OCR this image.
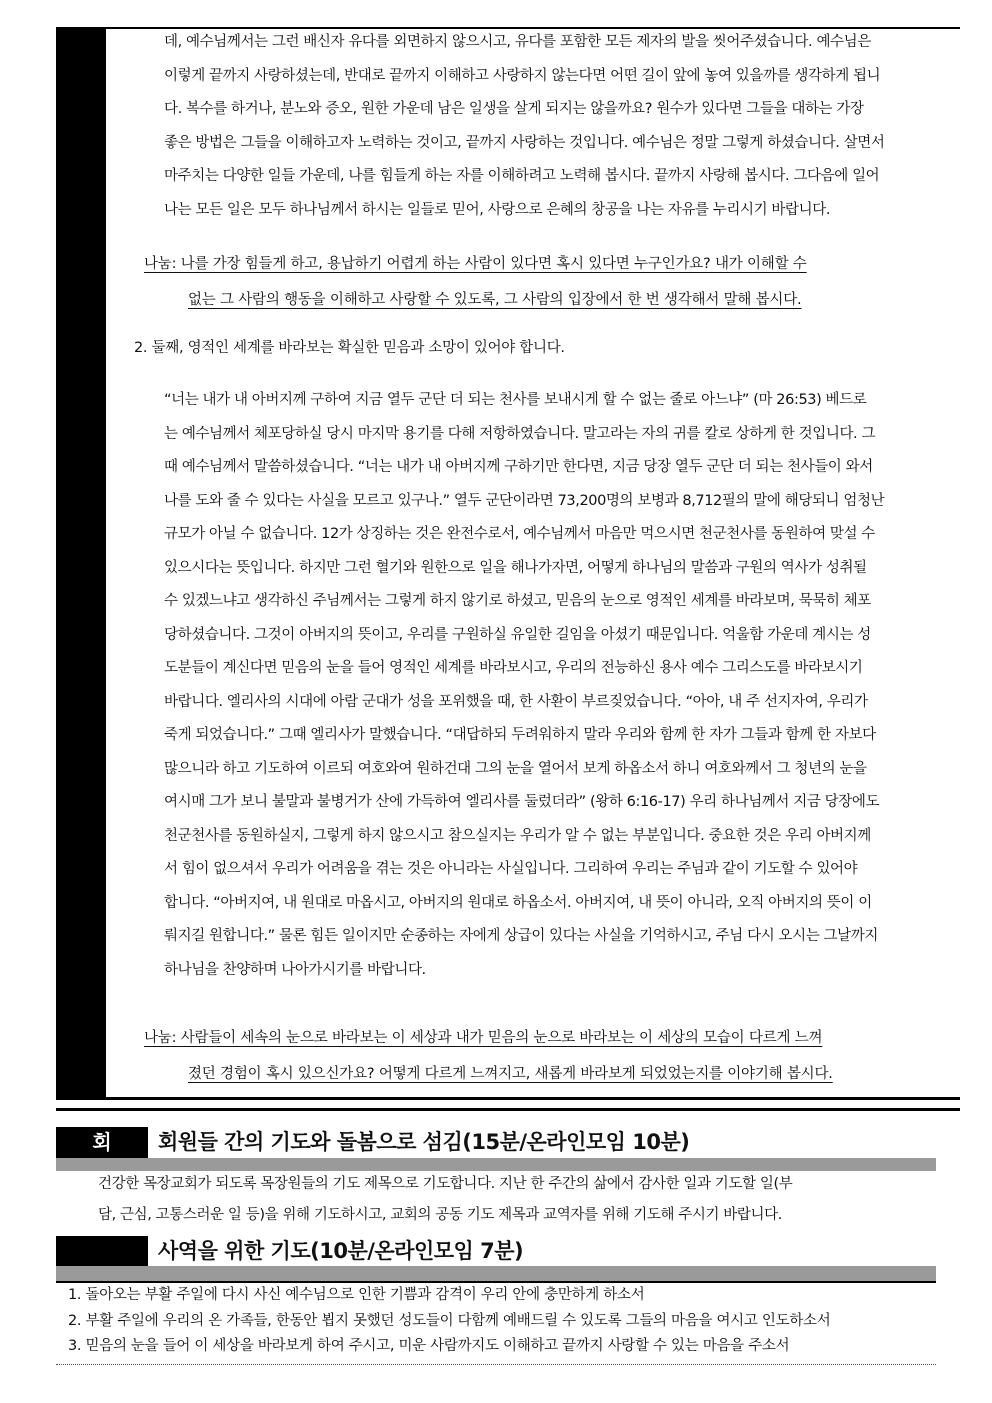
데, 예수님께서는 그런 배신자 유다를 외면하지 않으시고, 유다를 포함한 모든 제자의 발을 씻어주셨습니다. 예수님은
이렇게 끝까지 사랑하셨는데, 반대로 끝까지 이해하고 사랑하지 않는다면 어떤 길이 앞에 놓여 있을까를 생각하게 됩니
다. 복수를 하거나, 분노와 증오, 원한 가운데 남은 일생을 살게 되지는 않을까요? 원수가 있다면 그들을 대하는 가장
좋은 방법은 그들을 이해하고자 노력하는 것이고, 끝까지 사랑하는 것입니다. 예수님은 정말 그렇게 하셨습니다. 살면서
마주치는 다양한 일들 가운데, 나를 힘들게 하는 자를 이해하려고 노력해 봅시다. 끝까지 사랑해 봅시다. 그다음에 일어
나는 모든 일은 모두 하나님께서 하시는 일들로 믿어, 사랑으로 은혜의 창공을 나는 자유를 누리시기 바랍니다.
나눔: 나를 가장 힘들게 하고, 용납하기 어렵게 하는 사람이 있다면 혹시 있다면 누구인가요? 내가 이해할 수
없는 그 사람의 행동을 이해하고 사랑할 수 있도록, 그 사람의 입장에서 한 번 생각해서 말해 봅시다.
2. 둘째, 영적인 세계를 바라보는 확실한 믿음과 소망이 있어야 합니다.
“너는 내가 내 아버지께 구하여 지금 열두 군단 더 되는 천사를 보내시게 할 수 없는 줄로 아느냐” (마 26:53) 베드로
는 예수님께서 체포당하실 당시 마지막 용기를 다해 저항하였습니다. 말고라는 자의 귀를 칼로 상하게 한 것입니다. 그
때 예수님께서 말씀하셨습니다. “너는 내가 내 아버지께 구하기만 한다면, 지금 당장 열두 군단 더 되는 천사들이 와서
나를 도와 줄 수 있다는 사실을 모르고 있구나.” 열두 군단이라면 73,200명의 보병과 8,712필의 말에 해당되니 엄청난
규모가 아닐 수 없습니다. 12가 상징하는 것은 완전수로서, 예수님께서 마음만 먹으시면 천군천사를 동원하여 맞설 수
있으시다는 뜻입니다. 하지만 그런 혈기와 원한으로 일을 해나가자면, 어떻게 하나님의 말씀과 구원의 역사가 성취될
수 있겠느냐고 생각하신 주님께서는 그렇게 하지 않기로 하셨고, 믿음의 눈으로 영적인 세계를 바라보며, 묵묵히 체포
당하셨습니다. 그것이 아버지의 뜻이고, 우리를 구원하실 유일한 길임을 아셨기 때문입니다. 억울함 가운데 계시는 성
도분들이 계신다면 믿음의 눈을 들어 영적인 세계를 바라보시고, 우리의 전능하신 용사 예수 그리스도를 바라보시기
바랍니다. 엘리사의 시대에 아람 군대가 성을 포위했을 때, 한 사환이 부르짖었습니다. “아아, 내 주 선지자여, 우리가
죽게 되었습니다.” 그때 엘리사가 말했습니다. “대답하되 두려워하지 말라 우리와 함께 한 자가 그들과 함께 한 자보다
많으니라 하고 기도하여 이르되 여호와여 원하건대 그의 눈을 열어서 보게 하옵소서 하니 여호와께서 그 청년의 눈을
여시매 그가 보니 불말과 불병거가 산에 가득하여 엘리사를 둘렀더라” (왕하 6:16-17) 우리 하나님께서 지금 당장에도
천군천사를 동원하실지, 그렇게 하지 않으시고 참으실지는 우리가 알 수 없는 부분입니다. 중요한 것은 우리 아버지께
서 힘이 없으셔서 우리가 어려움을 겪는 것은 아니라는 사실입니다. 그리하여 우리는 주님과 같이 기도할 수 있어야
합니다. “아버지여, 내 원대로 마옵시고, 아버지의 원대로 하옵소서. 아버지여, 내 뜻이 아니라, 오직 아버지의 뜻이 이
뤄지길 원합니다.” 물론 힘든 일이지만 순종하는 자에게 상급이 있다는 사실을 기억하시고, 주님 다시 오시는 그날까지
하나님을 찬양하며 나아가시기를 바랍니다.
나눔: 사람들이 세속의 눈으로 바라보는 이 세상과 내가 믿음의 눈으로 바라보는 이 세상의 모습이 다르게 느껴
졌던 경험이 혹시 있으신가요? 어떻게 다르게 느껴지고, 새롭게 바라보게 되었었는지를 이야기해 봅시다.
회	회원들 간의 기도와 돌봄으로 섬김(15분/온라인모임 10분)
건강한 목장교회가 되도록 목장원들의 기도 제목으로 기도합니다. 지난 한 주간의 삶에서 감사한 일과 기도할 일(부
담, 근심, 고통스러운 일 등)을 위해 기도하시고, 교회의 공동 기도 제목과 교역자를 위해 기도해 주시기 바랍니다.
사역을 위한 기도(10분/온라인모임 7분)
1. 돌아오는 부활 주일에 다시 사신 예수님으로 인한 기쁨과 감격이 우리 안에 충만하게 하소서
2. 부활 주일에 우리의 온 가족들, 한동안 뵙지 못했던 성도들이 다함께 예배드릴 수 있도록 그들의 마음을 여시고 인도하소서
3. 믿음의 눈을 들어 이 세상을 바라보게 하여 주시고, 미운 사람까지도 이해하고 끝까지 사랑할 수 있는 마음을 주소서
